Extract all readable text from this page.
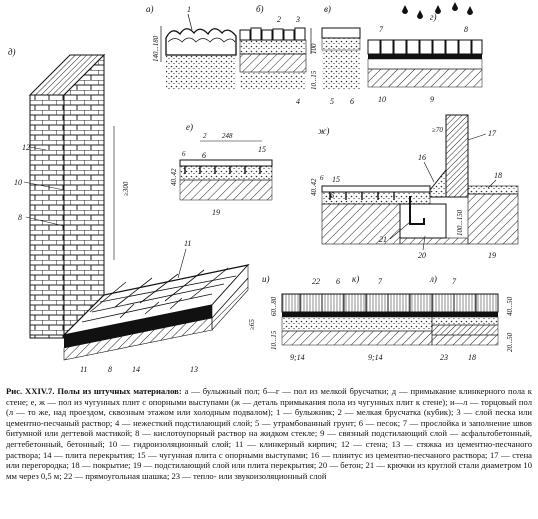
a)	1
140...180
б)
2 3
4
100
10...15
в)
5 6
г)
7	8
10	9
д)
12
10
8
11
11	8	14	13
≥300
≥65
е)
2 248
15
6
19
40..42
6
ж)	≥70
15
6
17
16
18
21
20	19
40..42
6
100...150
и)	к)	л)
22 6
9;14
7
9;14
7
23	18
60...80
10...15
40...50
20...50
Рис. XXIV.7. Полы из штучных материалов: а — булыжный пол; б—г — пол из мелкой брусчатки; д — примыкание клинкерного пола к стене; е, ж — пол из чугунных плит с опорными выступами (ж — деталь примыкания пола из чугунных плит к стене); и—л — торцовый пол (л — то же, над проездом, сквозным этажом или холодным подвалом); 1 — булыжник; 2 — мелкая брусчатка (кубик); 3 — слой песка или цементно-песчаный раствор; 4 — нежесткий подстилающий слой; 5 — утрамбованный грунт; 6 — песок; 7 — прослойка и заполнение швов битумной или дегтевой мастикой; 8 — кислотоупорный раствор на жидком стекле; 9 — связный подстилающий слой — асфальтобетонный, дегтебетонный, бетонный; 10 — гидроизоляционный слой; 11 — клинкерный кирпич; 12 — стена; 13 — стяжка из цементно-песчаного раствора; 14 — плита перекрытия; 15 — чугунная плита с опорными выступами; 16 — плинтус из цементно-песчаного раствора; 17 — стена или перегородка; 18 — покрытие; 19 — подстилающий слой или плита перекрытия; 20 — бетон; 21 — крючки из круглой стали диаметром 10 мм через 0,5 м; 22 — прямоугольная шашка; 23 — тепло- или звукоизоляционный слой
